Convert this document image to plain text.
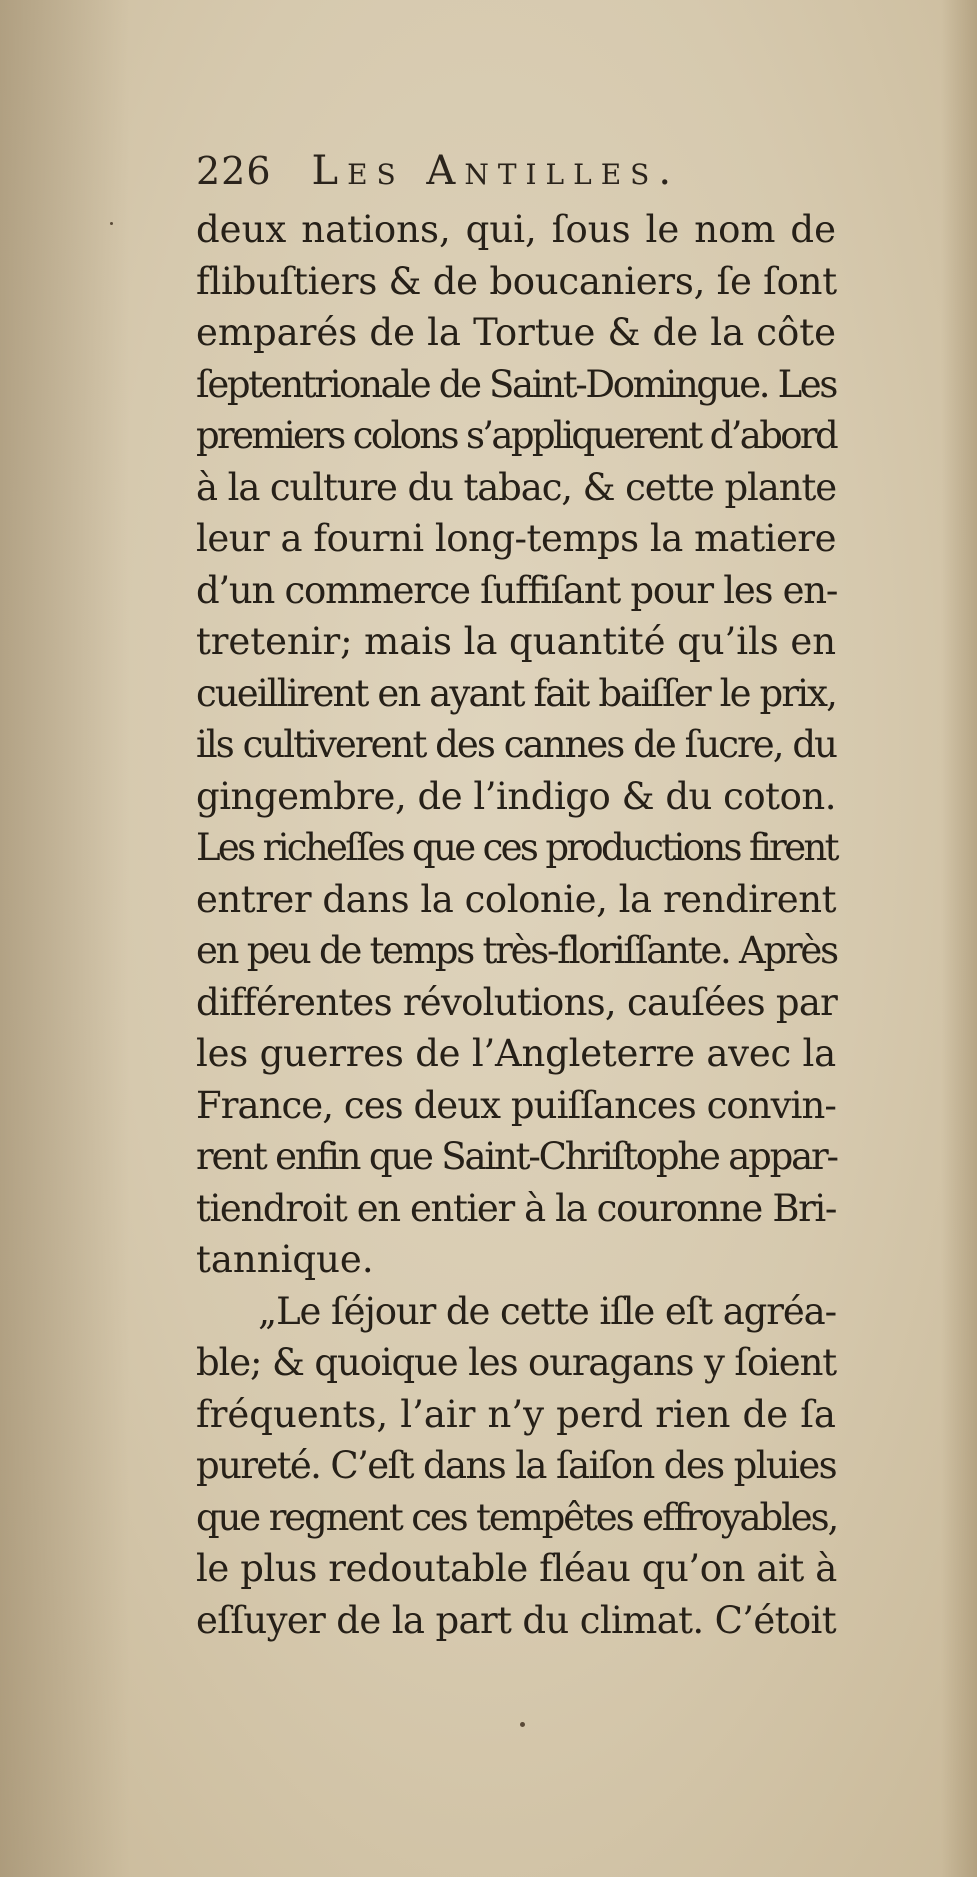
226 Les Antilles.
deux nations, qui, ſous le nom de
flibuſtiers & de boucaniers, ſe ſont
emparés de la Tortue & de la côte
ſeptentrionale de Saint-Domingue. Les
premiers colons s’appliquerent d’abord
à la culture du tabac, & cette plante
leur a fourni long-temps la matiere
d’un commerce ſuffiſant pour les en-
tretenir; mais la quantité qu’ils en
cueillirent en ayant fait baiſſer le prix,
ils cultiverent des cannes de ſucre, du
gingembre, de l’indigo & du coton.
Les richeſſes que ces productions firent
entrer dans la colonie, la rendirent
en peu de temps très-floriſſante. Après
différentes révolutions, cauſées par
les guerres de l’Angleterre avec la
France, ces deux puiſſances convin-
rent enfin que Saint-Chriſtophe appar-
tiendroit en entier à la couronne Bri-
tannique.
„Le ſéjour de cette iſle eſt agréa-
ble; & quoique les ouragans y ſoient
fréquents, l’air n’y perd rien de ſa
pureté. C’eſt dans la ſaiſon des pluies
que regnent ces tempêtes effroyables,
le plus redoutable fléau qu’on ait à
eſſuyer de la part du climat. C’étoit
